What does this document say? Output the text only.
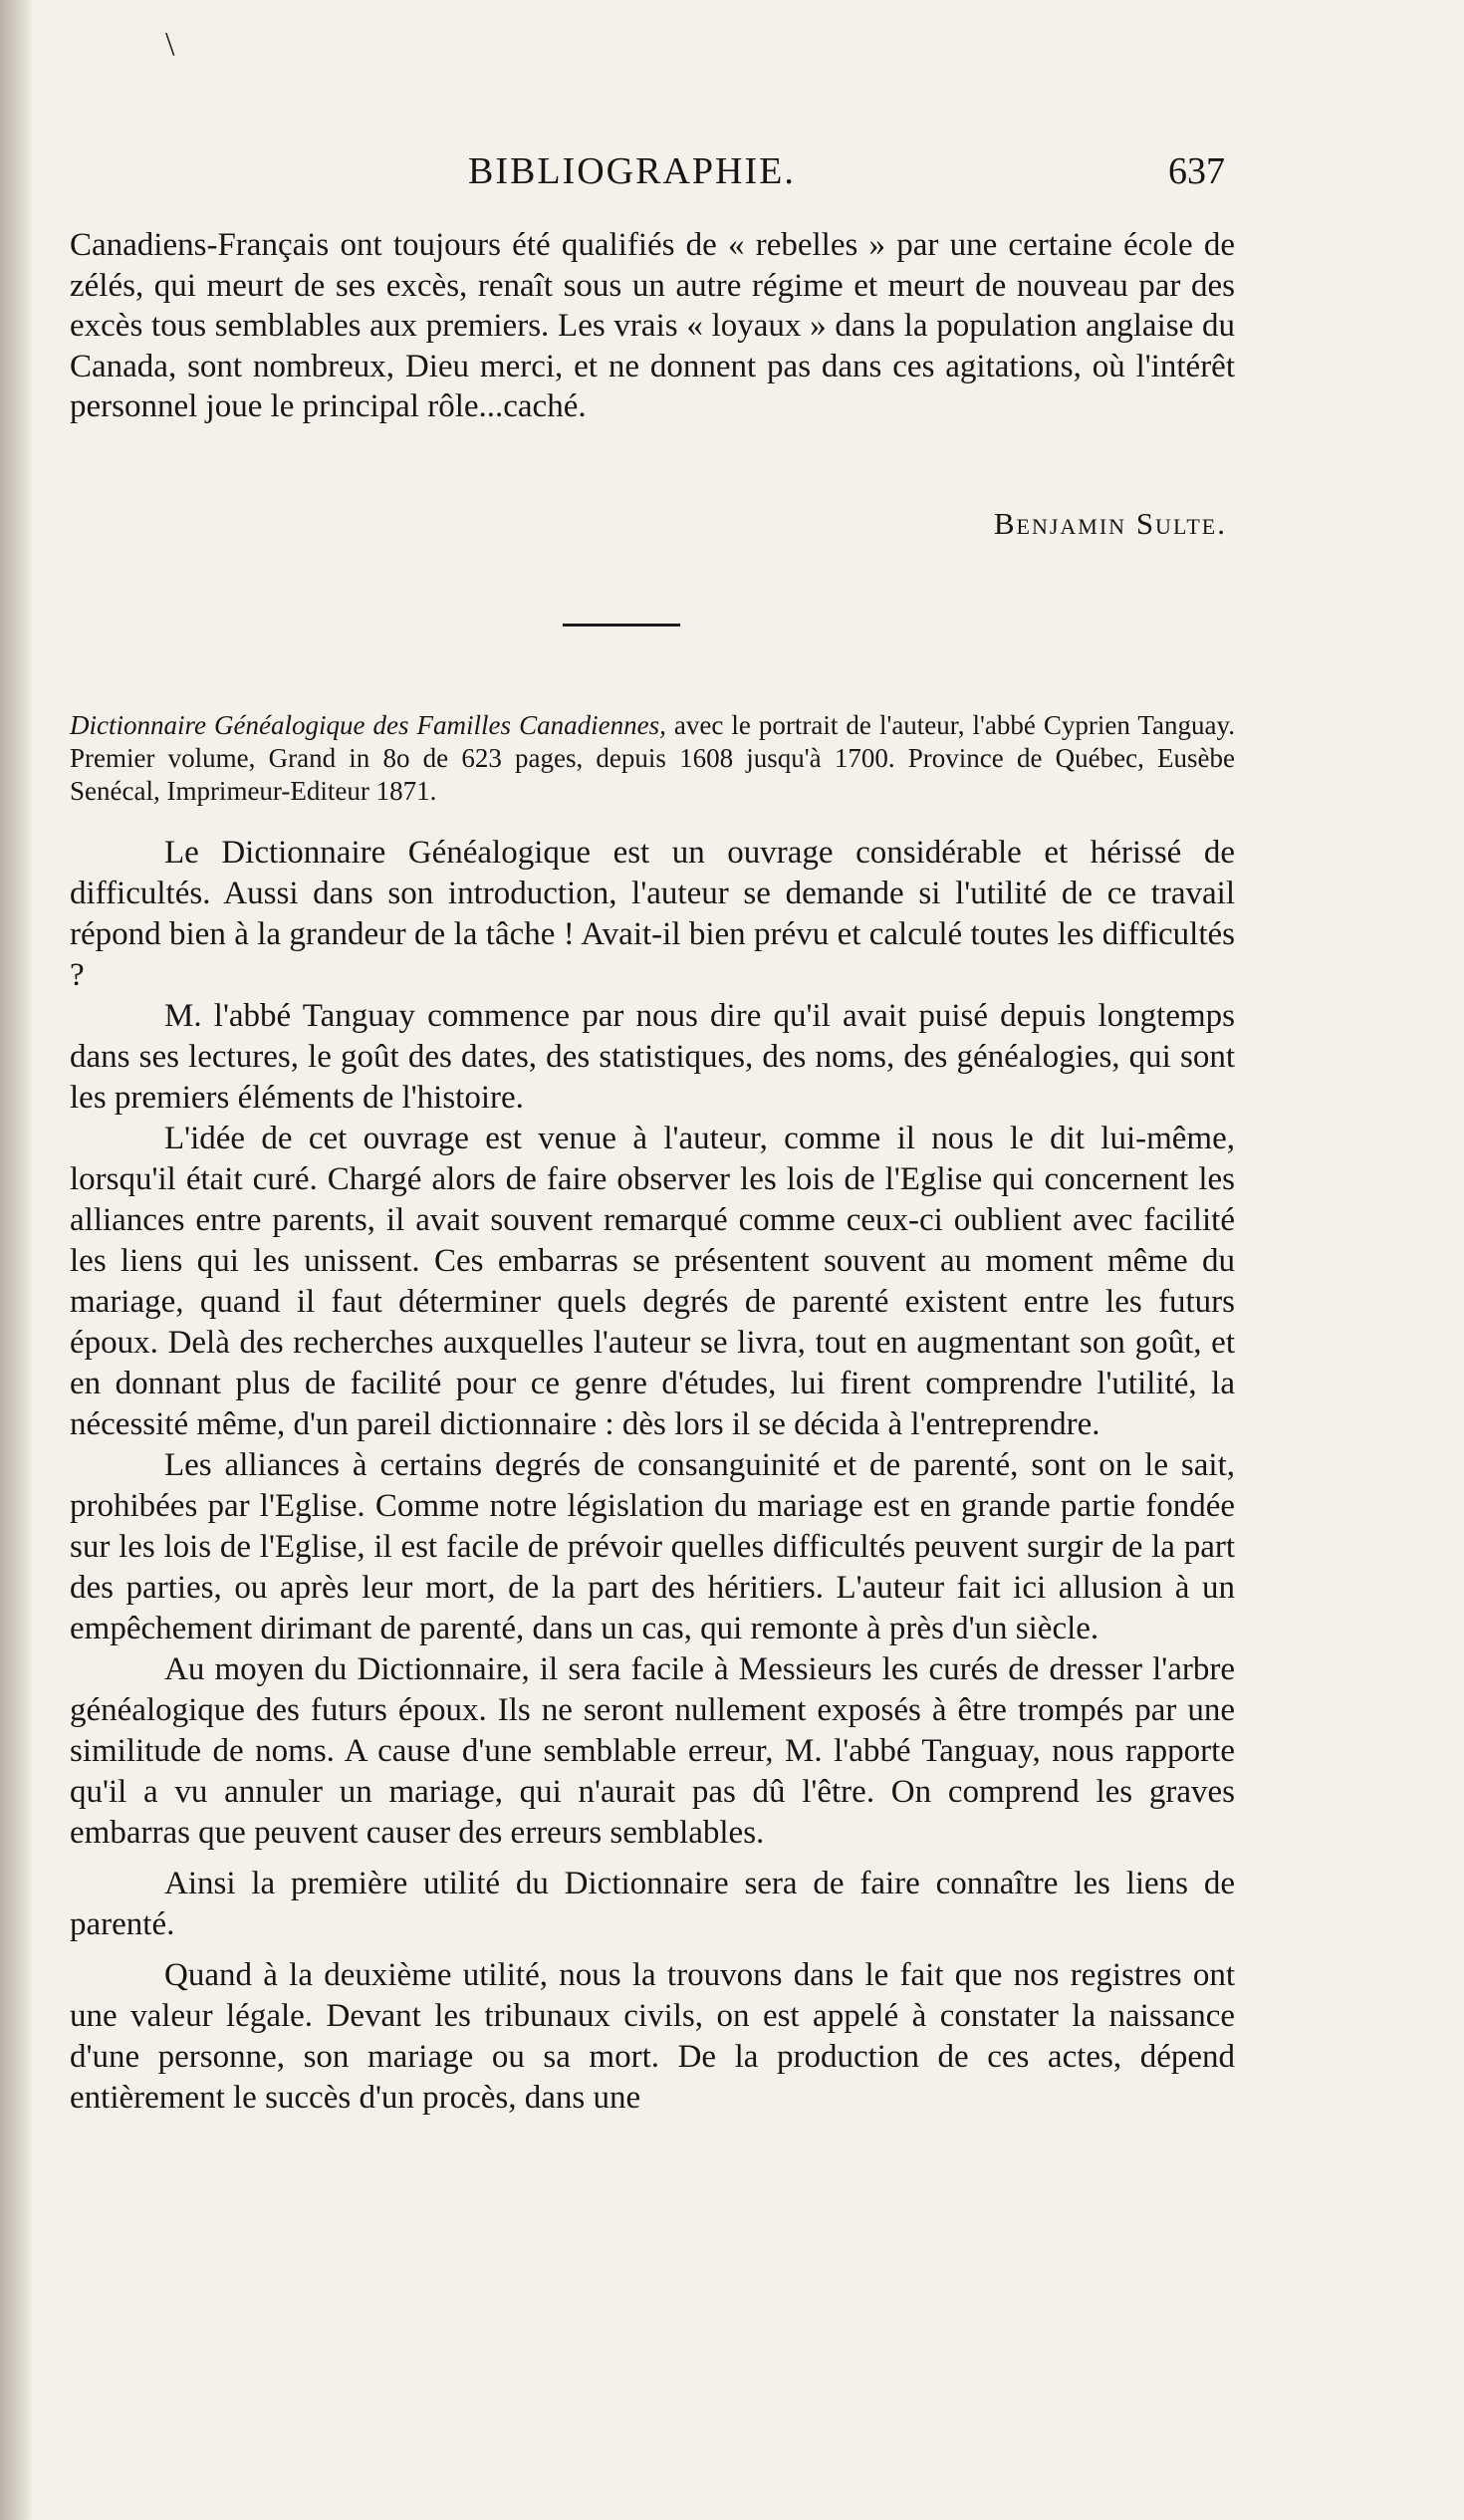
\
BIBLIOGRAPHIE.	637

Canadiens-Français ont toujours été qualifiés de « rebelles » par une certaine école de zélés, qui meurt de ses excès, renaît sous un autre régime et meurt de nouveau par des excès tous semblables aux premiers. Les vrais « loyaux » dans la population anglaise du Canada, sont nombreux, Dieu merci, et ne donnent pas dans ces agitations, où l'intérêt personnel joue le principal rôle...caché.

Benjamin Sulte.
Dictionnaire Généalogique des Familles Canadiennes, avec le portrait de l'auteur, l'abbé Cyprien Tanguay. Premier volume, Grand in 8o de 623 pages, depuis 1608 jusqu'à 1700. Province de Québec, Eusèbe Senécal, Imprimeur-Editeur 1871.

Le Dictionnaire Généalogique est un ouvrage considérable et hérissé de difficultés. Aussi dans son introduction, l'auteur se demande si l'utilité de ce travail répond bien à la grandeur de la tâche ! Avait-il bien prévu et calculé toutes les difficultés ?

M. l'abbé Tanguay commence par nous dire qu'il avait puisé depuis longtemps dans ses lectures, le goût des dates, des statistiques, des noms, des généalogies, qui sont les premiers éléments de l'histoire.

L'idée de cet ouvrage est venue à l'auteur, comme il nous le dit lui-même, lorsqu'il était curé. Chargé alors de faire observer les lois de l'Eglise qui concernent les alliances entre parents, il avait souvent remarqué comme ceux-ci oublient avec facilité les liens qui les unissent. Ces embarras se présentent souvent au moment même du mariage, quand il faut déterminer quels degrés de parenté existent entre les futurs époux. Delà des recherches auxquelles l'auteur se livra, tout en augmentant son goût, et en donnant plus de facilité pour ce genre d'études, lui firent comprendre l'utilité, la nécessité même, d'un pareil dictionnaire : dès lors il se décida à l'entreprendre.

Les alliances à certains degrés de consanguinité et de parenté, sont on le sait, prohibées par l'Eglise. Comme notre législation du mariage est en grande partie fondée sur les lois de l'Eglise, il est facile de prévoir quelles difficultés peuvent surgir de la part des parties, ou après leur mort, de la part des héritiers. L'auteur fait ici allusion à un empêchement dirimant de parenté, dans un cas, qui remonte à près d'un siècle.

Au moyen du Dictionnaire, il sera facile à Messieurs les curés de dresser l'arbre généalogique des futurs époux. Ils ne seront nullement exposés à être trompés par une similitude de noms. A cause d'une semblable erreur, M. l'abbé Tanguay, nous rapporte qu'il a vu annuler un mariage, qui n'aurait pas dû l'être. On comprend les graves embarras que peuvent causer des erreurs semblables.

Ainsi la première utilité du Dictionnaire sera de faire connaître les liens de parenté.

Quand à la deuxième utilité, nous la trouvons dans le fait que nos registres ont une valeur légale. Devant les tribunaux civils, on est appelé à constater la naissance d'une personne, son mariage ou sa mort. De la production de ces actes, dépend entièrement le succès d'un procès, dans une
